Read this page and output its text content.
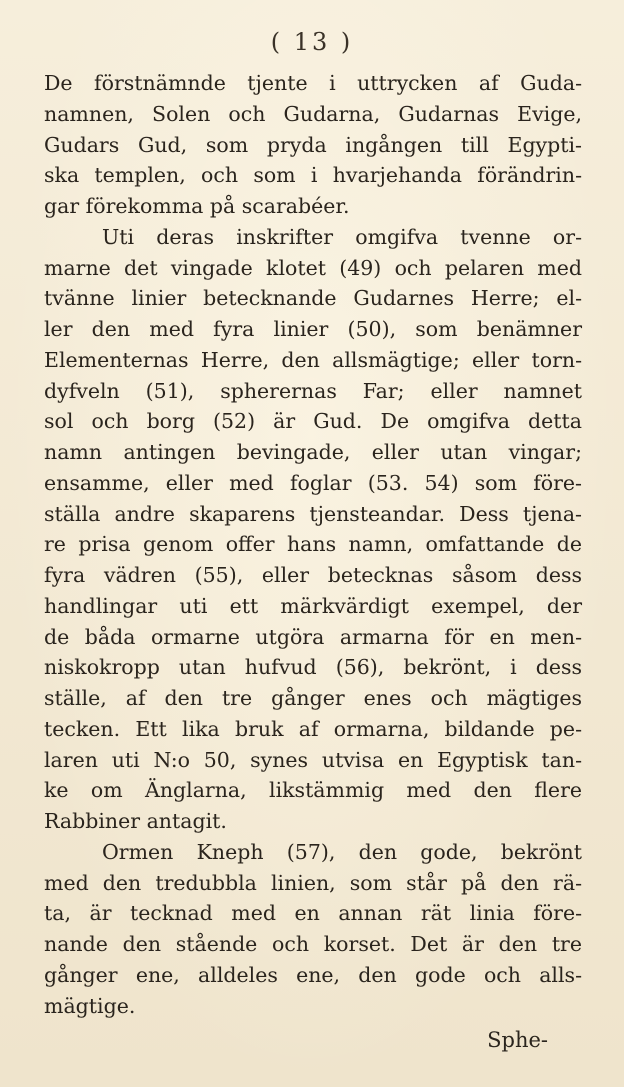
( 13 )
De förstnämnde tjente i uttrycken af Guda-
namnen, Solen och Gudarna, Gudarnas Evige,
Gudars Gud, som pryda ingången till Egypti-
ska templen, och som i hvarjehanda förändrin-
gar förekomma på scarabéer.
Uti deras inskrifter omgifva tvenne or-
marne det vingade klotet (49) och pelaren med
tvänne linier betecknande Gudarnes Herre; el-
ler den med fyra linier (50), som benämner
Elementernas Herre, den allsmägtige; eller torn-
dyfveln (51), spherernas Far; eller namnet
sol och borg (52) är Gud. De omgifva detta
namn antingen bevingade, eller utan vingar;
ensamme, eller med foglar (53. 54) som före-
ställa andre skaparens tjensteandar. Dess tjena-
re prisa genom offer hans namn, omfattande de
fyra vädren (55), eller betecknas såsom dess
handlingar uti ett märkvärdigt exempel, der
de båda ormarne utgöra armarna för en men-
niskokropp utan hufvud (56), bekrönt, i dess
ställe, af den tre gånger enes och mägtiges
tecken. Ett lika bruk af ormarna, bildande pe-
laren uti N:o 50, synes utvisa en Egyptisk tan-
ke om Änglarna, likstämmig med den flere
Rabbiner antagit.
Ormen Kneph (57), den gode, bekrönt
med den tredubbla linien, som står på den rä-
ta, är tecknad med en annan rät linia före-
nande den stående och korset. Det är den tre
gånger ene, alldeles ene, den gode och alls-
mägtige.
Sphe-
